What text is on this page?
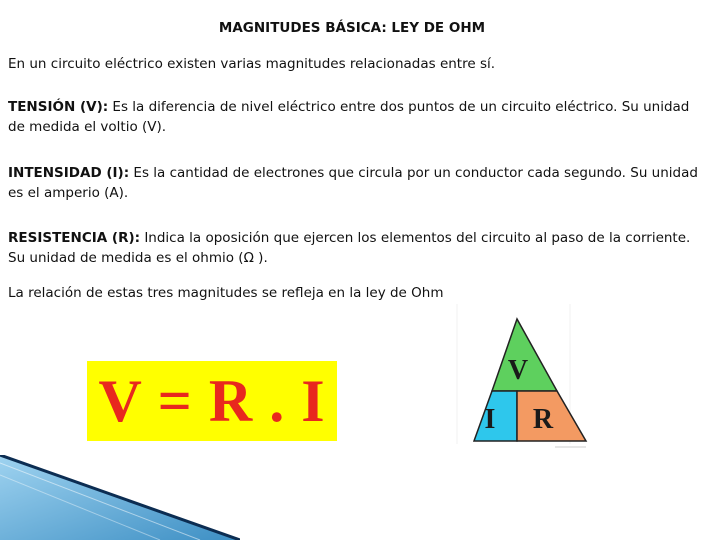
MAGNITUDES BÁSICA: LEY DE OHM
En un circuito eléctrico existen varias magnitudes relacionadas entre sí.
TENSIÓN (V): Es la diferencia de nivel eléctrico entre dos puntos de un circuito eléctrico. Su unidad de medida el voltio (V).
INTENSIDAD (I): Es la cantidad de electrones que circula por un conductor cada segundo. Su unidad es el amperio (A).
RESISTENCIA (R): Indica la oposición que ejercen los elementos del circuito al paso de la corriente. Su unidad de medida es el ohmio (Ω ).
La relación de estas tres magnitudes se refleja en la ley de Ohm
V = R . I	V
I R
